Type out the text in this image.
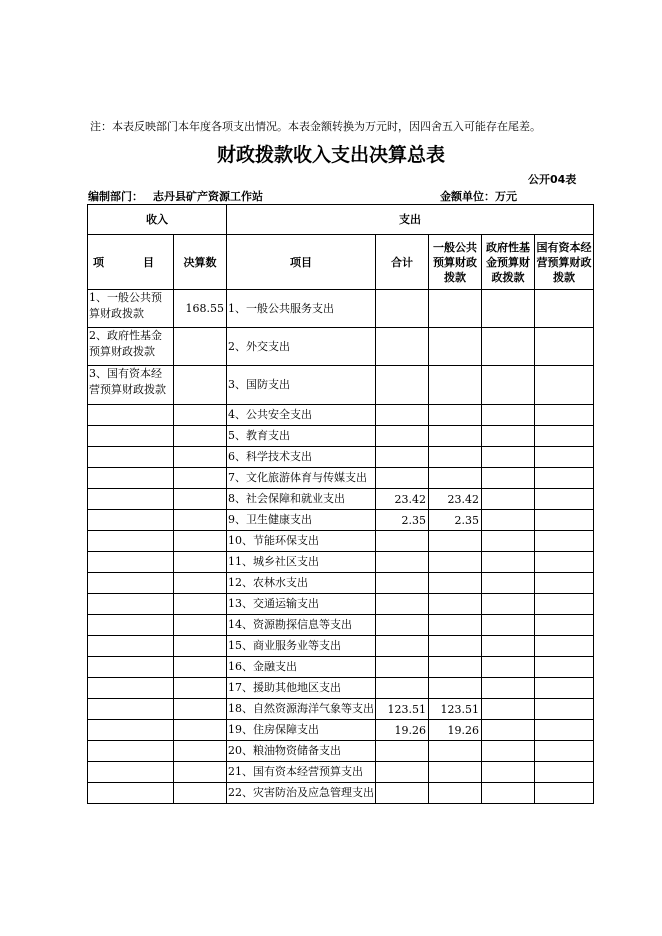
注：本表反映部门本年度各项支出情况。本表金额转换为万元时，因四舍五入可能存在尾差。
财政拨款收入支出决算总表
公开04表
编制部门： 志丹县矿产资源工作站	金额单位：万元
收入		支出				
项　目	决算数	项目	合计	一般公共预算财政拨款	政府性基金预算财政拨款	国有资本经营预算财政拨款
1、一般公共预算财政拨款	168.55	1、一般公共服务支出				
2、政府性基金预算财政拨款		2、外交支出				
3、国有资本经营预算财政拨款		3、国防支出				
		4、公共安全支出				
		5、教育支出				
		6、科学技术支出				
		7、文化旅游体育与传媒支出				
		8、社会保障和就业支出	23.42	23.42		
		9、卫生健康支出	2.35	2.35		
		10、节能环保支出				
		11、城乡社区支出				
		12、农林水支出				
		13、交通运输支出				
		14、资源勘探信息等支出				
		15、商业服务业等支出				
		16、金融支出				
		17、援助其他地区支出				
		18、自然资源海洋气象等支出	123.51	123.51		
		19、住房保障支出	19.26	19.26		
		20、粮油物资储备支出				
		21、国有资本经营预算支出				
		22、灾害防治及应急管理支出				
